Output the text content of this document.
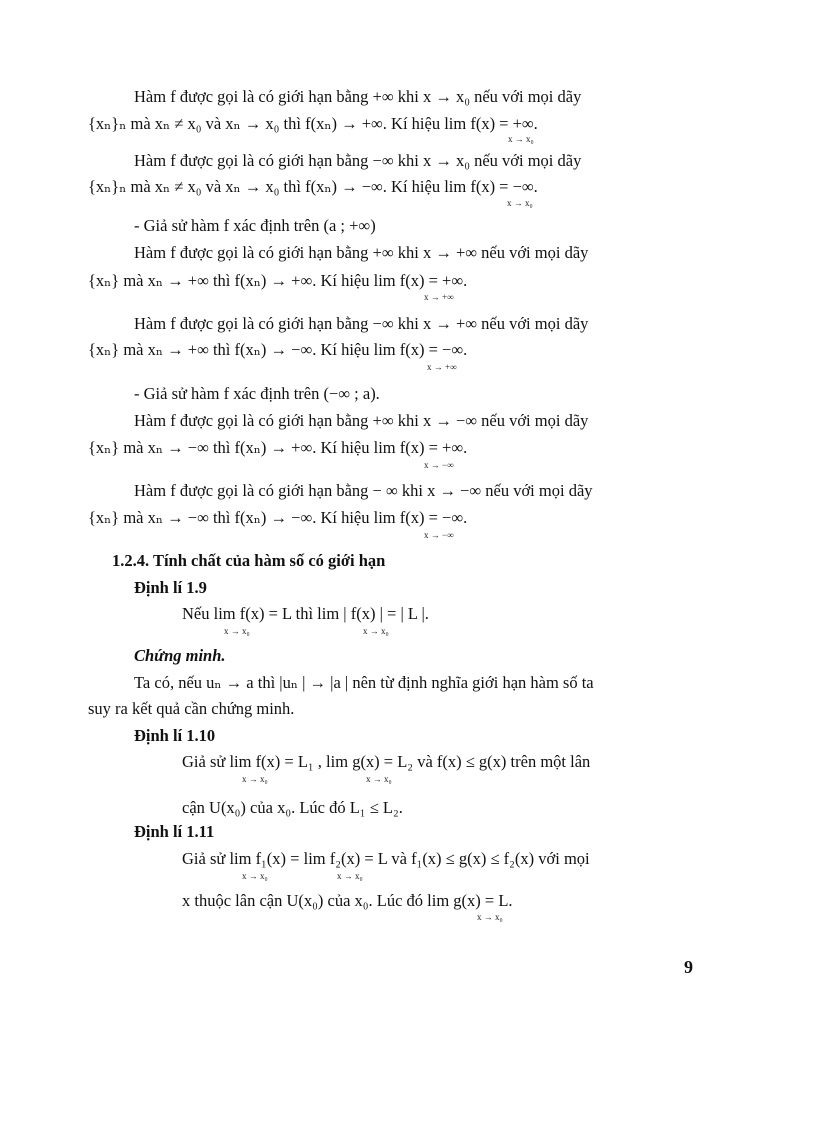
Hàm f được gọi là có giới hạn bằng +∞ khi x → x₀ nếu với mọi dãy
{xₙ}ₙ mà xₙ ≠ x₀ và xₙ → x₀ thì f(xₙ) → +∞. Kí hiệu lim f(x) = +∞.
x → x₀
Hàm f được gọi là có giới hạn bằng −∞ khi x → x₀ nếu với mọi dãy
{xₙ}ₙ mà xₙ ≠ x₀ và xₙ → x₀ thì f(xₙ) → −∞. Kí hiệu lim f(x) = −∞.
x → x₀
- Giả sử hàm f xác định trên (a ; +∞)
Hàm f được gọi là có giới hạn bằng +∞ khi x → +∞ nếu với mọi dãy
{xₙ} mà xₙ → +∞ thì f(xₙ) → +∞. Kí hiệu lim f(x) = +∞.
x → +∞
Hàm f được gọi là có giới hạn bằng −∞ khi x → +∞ nếu với mọi dãy
{xₙ} mà xₙ → +∞ thì f(xₙ) → −∞. Kí hiệu lim f(x) = −∞.
x → +∞
- Giả sử hàm f xác định trên (−∞ ; a).
Hàm f được gọi là có giới hạn bằng +∞ khi x → −∞ nếu với mọi dãy
{xₙ} mà xₙ → −∞ thì f(xₙ) → +∞. Kí hiệu lim f(x) = +∞.
x → −∞
Hàm f được gọi là có giới hạn bằng − ∞ khi x → −∞ nếu với mọi dãy
{xₙ} mà xₙ → −∞ thì f(xₙ) → −∞. Kí hiệu lim f(x) = −∞.
x → −∞
1.2.4. Tính chất của hàm số có giới hạn
Định lí 1.9
Nếu lim f(x) = L thì lim | f(x) | = | L |.
x → x₀	x → x₀
Chứng minh.
Ta có, nếu uₙ → a thì |uₙ | → |a | nên từ định nghĩa giới hạn hàm số ta
suy ra kết quả cần chứng minh.
Định lí 1.10
Giả sử lim f(x) = L₁ , lim g(x) = L₂ và f(x) ≤ g(x) trên một lân
x → x₀	x → x₀
cận U(x₀) của x₀. Lúc đó L₁ ≤ L₂.
Định lí 1.11
Giả sử lim f₁(x) = lim f₂(x) = L và f₁(x) ≤ g(x) ≤ f₂(x) với mọi
x → x₀	x → x₀
x thuộc lân cận U(x₀) của x₀. Lúc đó lim g(x) = L.
x → x₀
9
